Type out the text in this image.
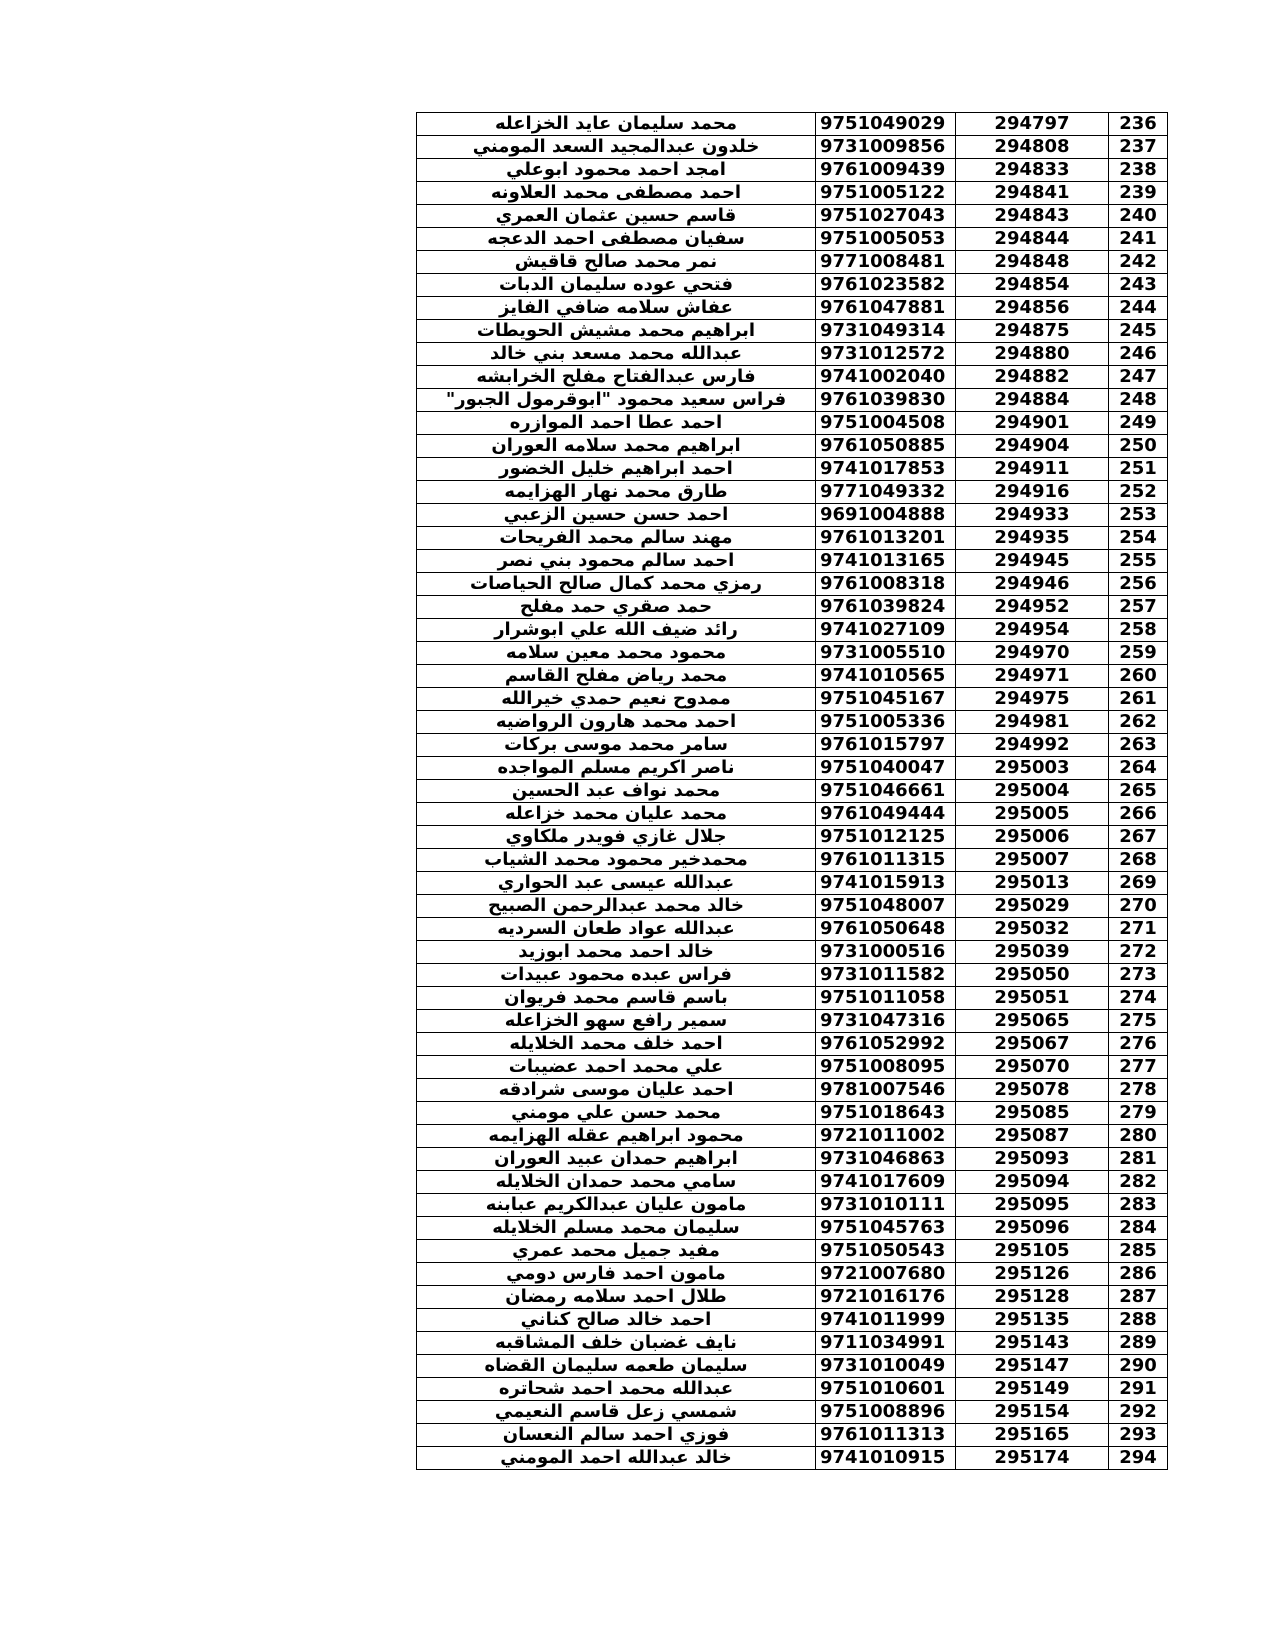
محمد سليمان عايد الخزاعله	9751049029	294797	236
خلدون عبدالمجيد السعد المومني	9731009856	294808	237
امجد احمد محمود ابوعلي	9761009439	294833	238
احمد مصطفى محمد العلاونه	9751005122	294841	239
قاسم حسين عثمان العمري	9751027043	294843	240
سفيان مصطفى احمد الدعجه	9751005053	294844	241
نمر محمد صالح قاقيش	9771008481	294848	242
فتحي عوده سليمان الدبات	9761023582	294854	243
عفاش سلامه ضافي الفايز	9761047881	294856	244
ابراهيم محمد مشيش الحويطات	9731049314	294875	245
عبدالله محمد مسعد بني خالد	9731012572	294880	246
فارس عبدالفتاح مفلح الخرابشه	9741002040	294882	247
فراس سعيد محمود "ابوقرمول الجبور"	9761039830	294884	248
احمد عطا احمد الموازره	9751004508	294901	249
ابراهيم محمد سلامه العوران	9761050885	294904	250
احمد ابراهيم خليل الخضور	9741017853	294911	251
طارق محمد نهار الهزايمه	9771049332	294916	252
احمد حسن حسين الزعبي	9691004888	294933	253
مهند سالم محمد الفريحات	9761013201	294935	254
احمد سالم محمود بني نصر	9741013165	294945	255
رمزي محمد كمال صالح الحياصات	9761008318	294946	256
حمد صقري حمد مفلح	9761039824	294952	257
رائد ضيف الله علي ابوشرار	9741027109	294954	258
محمود محمد معين سلامه	9731005510	294970	259
محمد رياض مفلح القاسم	9741010565	294971	260
ممدوح نعيم حمدي خيرالله	9751045167	294975	261
احمد محمد هارون الرواضيه	9751005336	294981	262
سامر محمد موسى بركات	9761015797	294992	263
ناصر اكريم مسلم المواجده	9751040047	295003	264
محمد نواف عبد الحسين	9751046661	295004	265
محمد عليان محمد خزاعله	9761049444	295005	266
جلال غازي فويدر ملكاوي	9751012125	295006	267
محمدخير محمود محمد الشياب	9761011315	295007	268
عبدالله عيسى عبد الحواري	9741015913	295013	269
خالد محمد عبدالرحمن الصبيح	9751048007	295029	270
عبدالله عواد طعان السرديه	9761050648	295032	271
خالد احمد محمد ابوزيد	9731000516	295039	272
فراس عبده محمود عبيدات	9731011582	295050	273
باسم قاسم محمد فريوان	9751011058	295051	274
سمير رافع سهو الخزاعله	9731047316	295065	275
احمد خلف محمد الخلايله	9761052992	295067	276
علي محمد احمد عضيبات	9751008095	295070	277
احمد عليان موسى شرادقه	9781007546	295078	278
محمد حسن علي مومني	9751018643	295085	279
محمود ابراهيم عقله الهزايمه	9721011002	295087	280
ابراهيم حمدان عبيد العوران	9731046863	295093	281
سامي محمد حمدان الخلايله	9741017609	295094	282
مامون عليان عبدالكريم عبابنه	9731010111	295095	283
سليمان محمد مسلم الخلايله	9751045763	295096	284
مفيد جميل محمد عمري	9751050543	295105	285
مامون احمد فارس دومي	9721007680	295126	286
طلال احمد سلامه رمضان	9721016176	295128	287
احمد خالد صالح كناني	9741011999	295135	288
نايف غضبان خلف المشاقبه	9711034991	295143	289
سليمان طعمه سليمان القضاه	9731010049	295147	290
عبدالله محمد احمد شحاتره	9751010601	295149	291
شمسي زعل قاسم النعيمي	9751008896	295154	292
فوزي احمد سالم النعسان	9761011313	295165	293
خالد عبدالله احمد المومني	9741010915	295174	294
